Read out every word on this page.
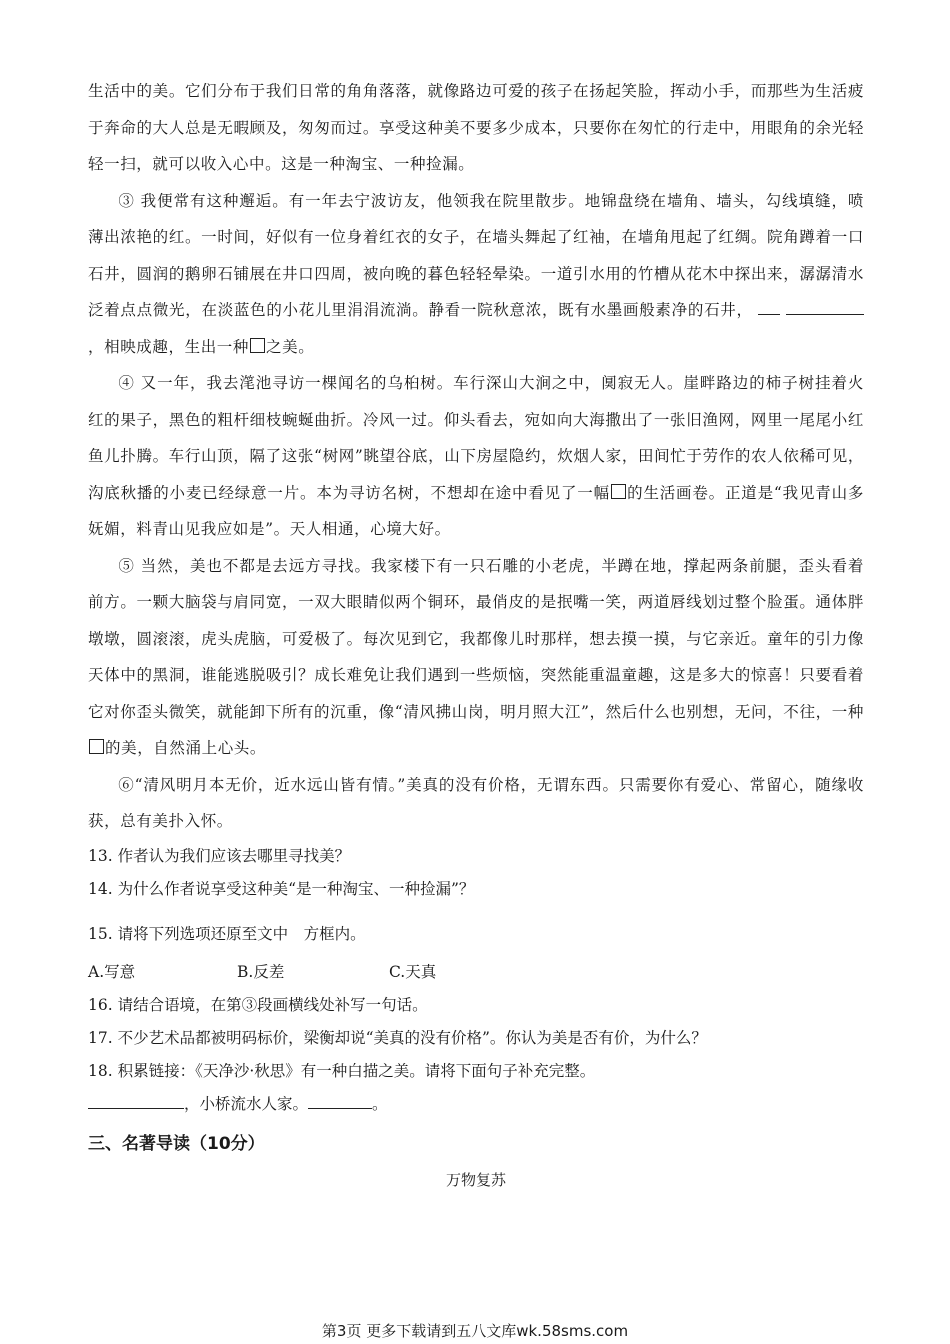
生活中的美。它们分布于我们日常的角角落落，就像路边可爱的孩子在扬起笑脸，挥动小手，而那些为生活疲于奔命的大人总是无暇顾及，匆匆而过。享受这种美不要多少成本，只要你在匆忙的行走中，用眼角的余光轻轻一扫，就可以收入心中。这是一种淘宝、一种捡漏。

③ 我便常有这种邂逅。有一年去宁波访友，他领我在院里散步。地锦盘绕在墙角、墙头，勾线填缝，喷薄出浓艳的红。一时间，好似有一位身着红衣的女子，在墙头舞起了红袖，在墙角甩起了红绸。院角蹲着一口石井，圆润的鹅卵石铺展在井口四周，被向晚的暮色轻轻晕染。一道引水用的竹槽从花木中探出来，潺潺清水泛着点点微光，在淡蓝色的小花儿里涓涓流淌。静看一院秋意浓，既有水墨画般素净的石井，  ，相映成趣，生出一种 之美。

④ 又一年，我去滗池寻访一棵闻名的乌桕树。车行深山大涧之中，阒寂无人。崖畔路边的柿子树挂着火红的果子，黑色的粗杆细枝蜿蜒曲折。冷风一过。仰头看去，宛如向大海撒出了一张旧渔网，网里一尾尾小红鱼儿扑腾。车行山顶，隔了这张“树网”眺望谷底，山下房屋隐约，炊烟人家，田间忙于劳作的农人依稀可见，沟底秋播的小麦已经绿意一片。本为寻访名树，不想却在途中看见了一幅 的生活画卷。正道是“我见青山多妩媚，料青山见我应如是”。天人相通，心境大好。

⑤ 当然，美也不都是去远方寻找。我家楼下有一只石雕的小老虎，半蹲在地，撑起两条前腿，歪头看着前方。一颗大脑袋与肩同宽，一双大眼睛似两个铜环，最俏皮的是抿嘴一笑，两道唇线划过整个脸蛋。通体胖墩墩，圆滚滚，虎头虎脑，可爱极了。每次见到它，我都像儿时那样，想去摸一摸，与它亲近。童年的引力像天体中的黑洞，谁能逃脱吸引？成长难免让我们遇到一些烦恼，突然能重温童趣，这是多大的惊喜！只要看着它对你歪头微笑，就能卸下所有的沉重，像“清风拂山岗，明月照大江”，然后什么也别想，无问，不往，一种的美，自然涌上心头。

⑥“清风明月本无价，近水远山皆有情。”美真的没有价格，无谓东西。只需要你有爱心、常留心，随缘收获，总有美扑入怀。

13. 作者认为我们应该去哪里寻找美？

14. 为什么作者说享受这种美“是一种淘宝、一种捡漏”？

15. 请将下列选项还原至文中　方框内。

A.写意	B.反差	C.天真

16. 请结合语境，在第③段画横线处补写一句话。

17. 不少艺术品都被明码标价，梁衡却说“美真的没有价格”。你认为美是否有价，为什么？

18. 积累链接：《天净沙·秋思》有一种白描之美。请将下面句子补充完整。

，小桥流水人家。	。

三、名著导读（10分）
万物复苏
第3页 更多下载请到五八文库wk.58sms.com
